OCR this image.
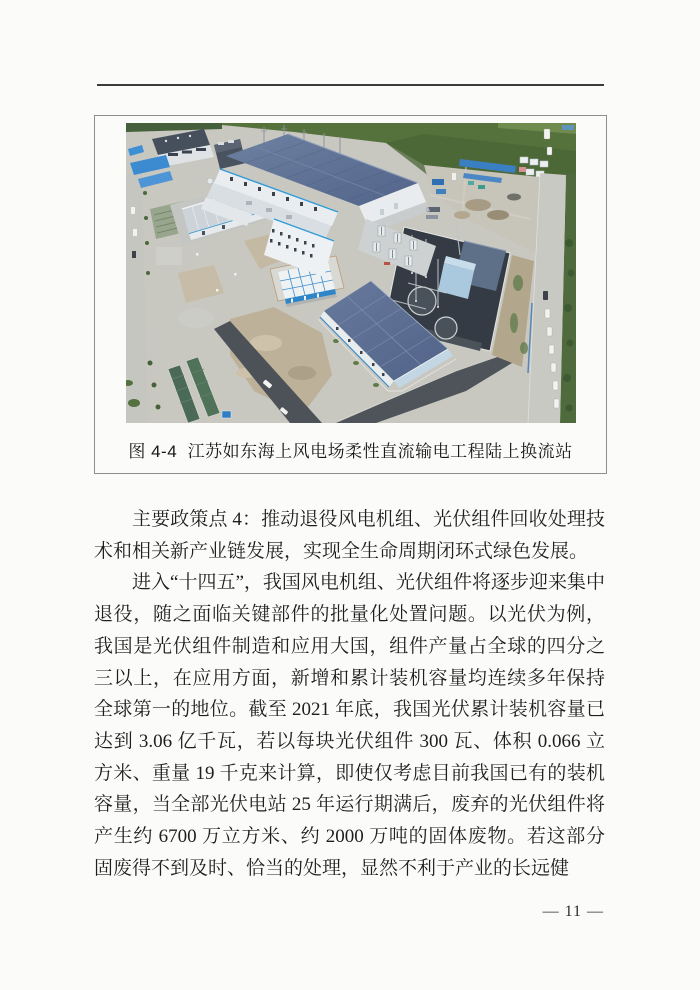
图 4-4  江苏如东海上风电场柔性直流输电工程陆上换流站

主要政策点 4：推动退役风电机组、光伏组件回收处理技术和相关新产业链发展，实现全生命周期闭环式绿色发展。

进入“十四五”，我国风电机组、光伏组件将逐步迎来集中退役，随之面临关键部件的批量化处置问题。以光伏为例，我国是光伏组件制造和应用大国，组件产量占全球的四分之三以上，在应用方面，新增和累计装机容量均连续多年保持全球第一的地位。截至 2021 年底，我国光伏累计装机容量已达到 3.06 亿千瓦，若以每块光伏组件 300 瓦、体积 0.066 立方米、重量 19 千克来计算，即使仅考虑目前我国已有的装机容量，当全部光伏电站 25 年运行期满后，废弃的光伏组件将产生约 6700 万立方米、约 2000 万吨的固体废物。若这部分固废得不到及时、恰当的处理，显然不利于产业的长远健

— 11 —
